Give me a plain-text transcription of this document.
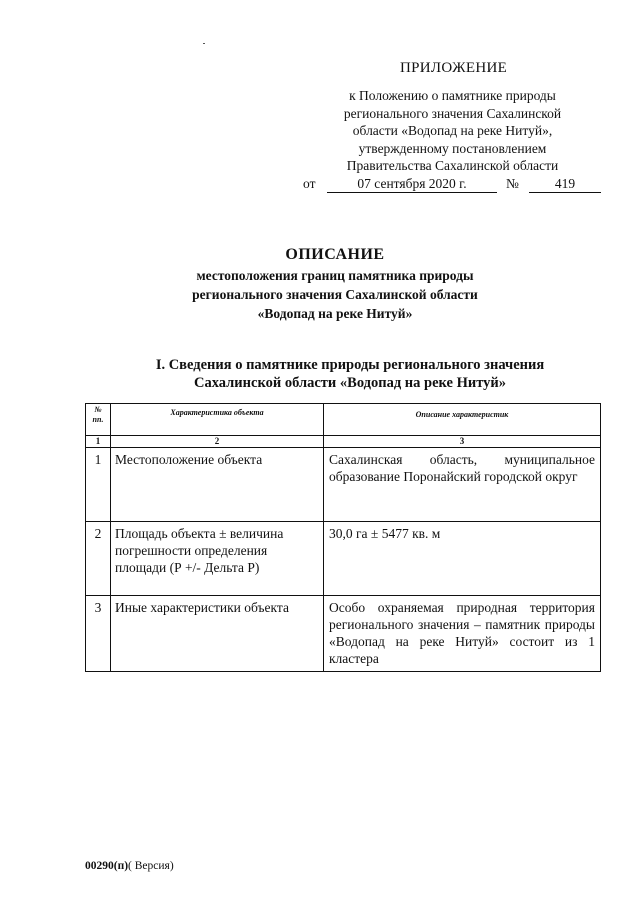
ПРИЛОЖЕНИЕ
к Положению о памятнике природы
регионального значения Сахалинской
области «Водопад на реке Нитуй»,
утвержденному постановлением
Правительства Сахалинской области
от	07 сентября 2020 г.	№	419
ОПИСАНИЕ
местоположения границ памятника природы
регионального значения Сахалинской области
«Водопад на реке Нитуй»
I. Сведения о памятнике природы регионального значения
Сахалинской области «Водопад на реке Нитуй»
№
пп.	Характеристика объекта	Описание характеристик
1	2	3
1	Местоположение объекта	Сахалинская область, муниципальное образование Поронайский городской округ
2	Площадь объекта ± величина погрешности определения площади (Р +/- Дельта Р)	30,0 га ± 5477 кв. м
3	Иные характеристики объекта	Особо охраняемая природная территория регионального значения – памятник природы «Водопад на реке Нитуй» состоит из 1 кластера
00290(п)( Версия)
